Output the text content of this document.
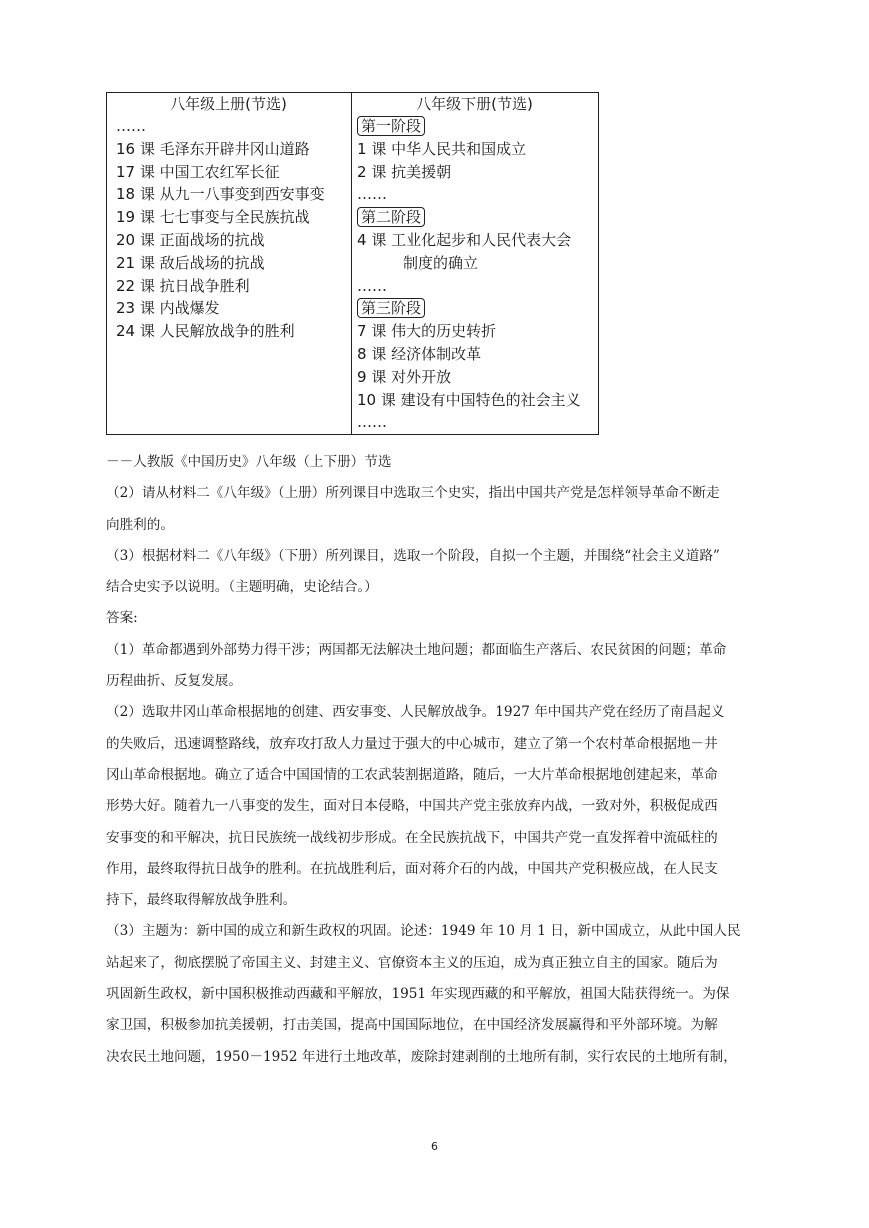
八年级上册(节选)
……
16 课 毛泽东开辟井冈山道路
17 课 中国工农红军长征
18 课 从九一八事变到西安事变
19 课 七七事变与全民族抗战
20 课 正面战场的抗战
21 课 敌后战场的抗战
22 课 抗日战争胜利
23 课 内战爆发
24 课 人民解放战争的胜利
八年级下册(节选)
第一阶段
1 课 中华人民共和国成立
2 课 抗美援朝
……
第二阶段
4 课 工业化起步和人民代表大会
制度的确立
……
第三阶段
7 课 伟大的历史转折
8 课 经济体制改革
9 课 对外开放
10 课 建设有中国特色的社会主义
……
－－人教版《中国历史》八年级（上下册）节选
（2）请从材料二《八年级》（上册）所列课目中选取三个史实，指出中国共产党是怎样领导革命不断走
向胜利的。
（3）根据材料二《八年级》（下册）所列课目，选取一个阶段，自拟一个主题，并围绕“社会主义道路”
结合史实予以说明。（主题明确，史论结合。）
答案:
（1）革命都遇到外部势力得干涉；两国都无法解决土地问题；都面临生产落后、农民贫困的问题；革命
历程曲折、反复发展。
（2）选取井冈山革命根据地的创建、西安事变、人民解放战争。1927 年中国共产党在经历了南昌起义
的失败后，迅速调整路线，放弃攻打敌人力量过于强大的中心城市，建立了第一个农村革命根据地－井
冈山革命根据地。确立了适合中国国情的工农武装割据道路，随后，一大片革命根据地创建起来，革命
形势大好。随着九一八事变的发生，面对日本侵略，中国共产党主张放弃内战，一致对外，积极促成西
安事变的和平解决，抗日民族统一战线初步形成。在全民族抗战下，中国共产党一直发挥着中流砥柱的
作用，最终取得抗日战争的胜利。在抗战胜利后，面对蒋介石的内战，中国共产党积极应战，在人民支
持下，最终取得解放战争胜利。
（3）主题为：新中国的成立和新生政权的巩固。论述：1949 年 10 月 1 日，新中国成立，从此中国人民
站起来了，彻底摆脱了帝国主义、封建主义、官僚资本主义的压迫，成为真正独立自主的国家。随后为
巩固新生政权，新中国积极推动西藏和平解放，1951 年实现西藏的和平解放，祖国大陆获得统一。为保
家卫国，积极参加抗美援朝，打击美国，提高中国国际地位，在中国经济发展赢得和平外部环境。为解
决农民土地问题，1950－1952 年进行土地改革，废除封建剥削的土地所有制，实行农民的土地所有制，
6
